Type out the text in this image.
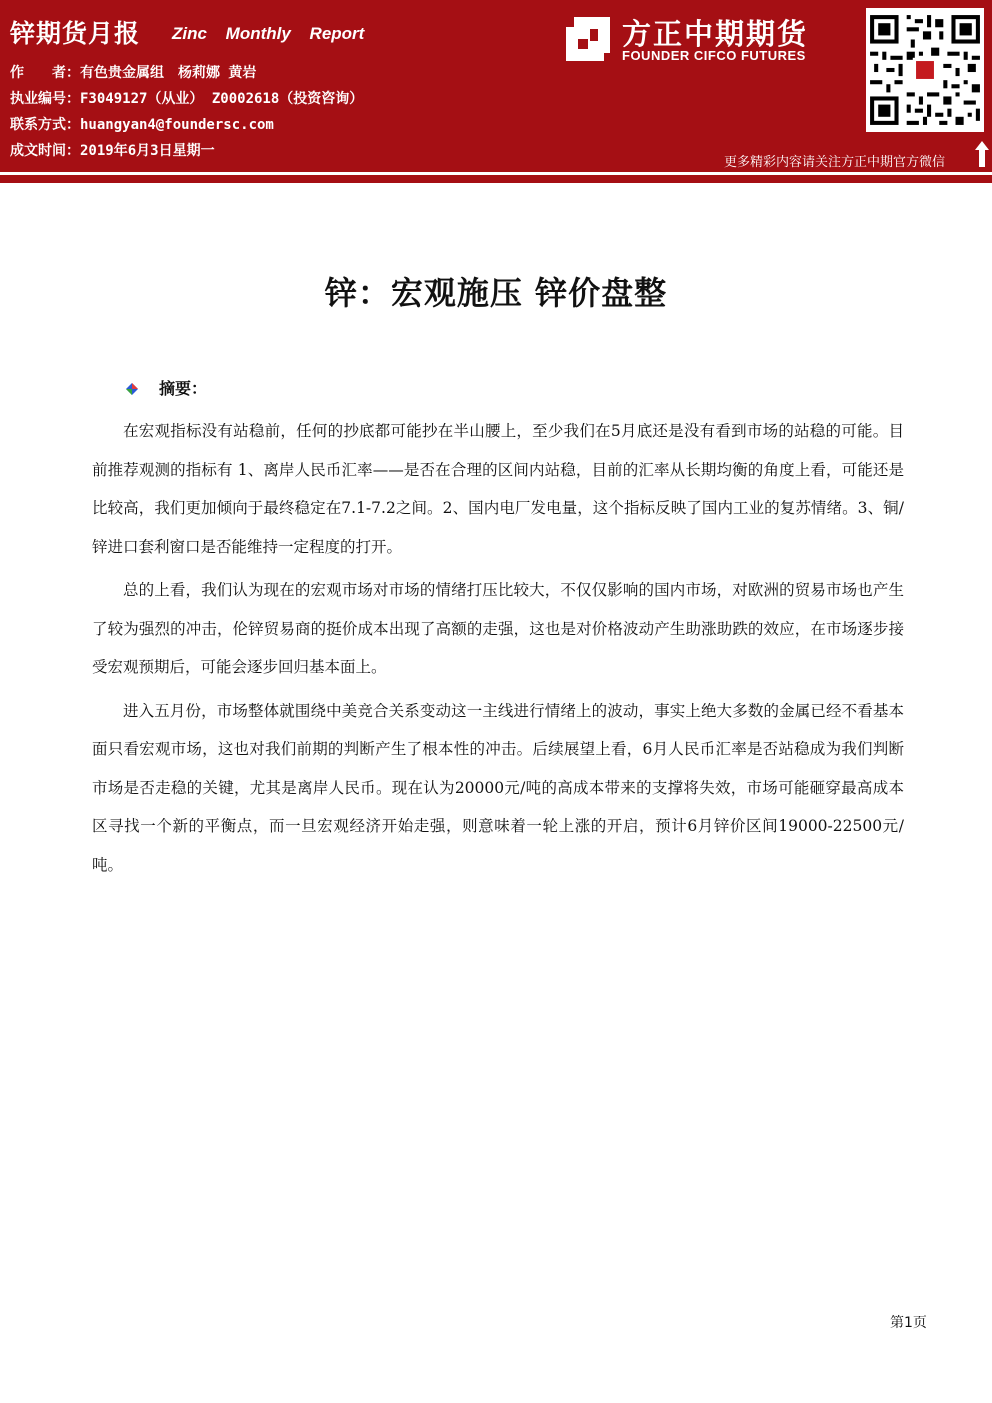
锌期货月报 Zinc Monthly Report
作　　者：有色贵金属组　杨莉娜 黄岩
执业编号：F3049127（从业） Z0002618（投资咨询）
联系方式：huangyan4@foundersc.com
成文时间：2019年6月3日星期一
方正中期期货
FOUNDER CIFCO FUTURES
更多精彩内容请关注方正中期官方微信
锌：宏观施压 锌价盘整
摘要：

在宏观指标没有站稳前，任何的抄底都可能抄在半山腰上，至少我们在5月底还是没有看到市场的站稳的可能。目前推荐观测的指标有 1、离岸人民币汇率——是否在合理的区间内站稳，目前的汇率从长期均衡的角度上看，可能还是比较高，我们更加倾向于最终稳定在7.1-7.2之间。2、国内电厂发电量，这个指标反映了国内工业的复苏情绪。3、铜/锌进口套利窗口是否能维持一定程度的打开。

总的上看，我们认为现在的宏观市场对市场的情绪打压比较大，不仅仅影响的国内市场，对欧洲的贸易市场也产生了较为强烈的冲击，伦锌贸易商的挺价成本出现了高额的走强，这也是对价格波动产生助涨助跌的效应，在市场逐步接受宏观预期后，可能会逐步回归基本面上。

进入五月份，市场整体就围绕中美竞合关系变动这一主线进行情绪上的波动，事实上绝大多数的金属已经不看基本面只看宏观市场，这也对我们前期的判断产生了根本性的冲击。后续展望上看，6月人民币汇率是否站稳成为我们判断市场是否走稳的关键，尤其是离岸人民币。现在认为20000元/吨的高成本带来的支撑将失效，市场可能砸穿最高成本区寻找一个新的平衡点，而一旦宏观经济开始走强，则意味着一轮上涨的开启，预计6月锌价区间19000-22500元/吨。

第1页
